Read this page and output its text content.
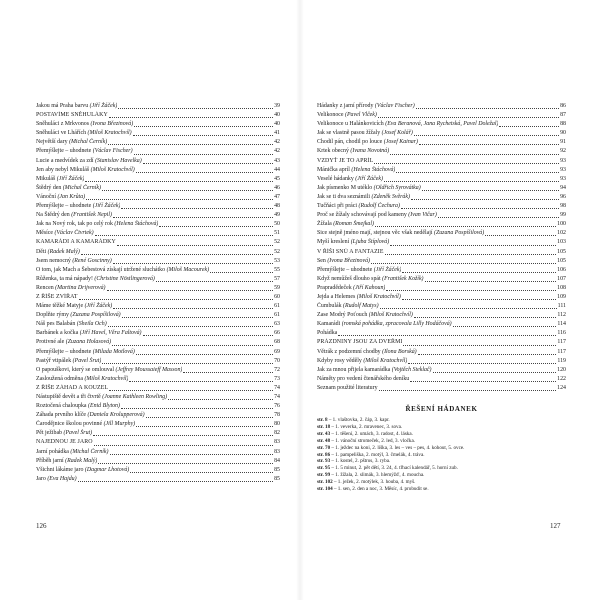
Jakou má Praha barvu (Jiří Žáček)	39
POSTAVÍME SNĚHULÁKY	40
Sněhuláci z Mrkvonos (Ivona Březinová)	40
Sněhuláci ve Lhářích (Miloš Kratochvíl)	41
Největší dary (Michal Černík)	42
Přemýšlejte – uhodnete (Václav Fischer)	42
Lucie a medvídek za zdí (Stanislav Havelka)	43
Jen aby nebyl Mikuláš (Miloš Kratochvíl)	44
Mikuláš (Jiří Žáček)	45
Štědrý den (Michal Černík)	46
Vánoční (Jan Krůta)	47
Přemýšlejte – uhodnete (Jiří Žáček)	48
Na Štědrý den (František Nepil)	49
Jak na Nový rok, tak po celý rok (Helena Štáchová)	50
Měsíce (Václav Čtvrtek)	51
KAMARÁDI A KAMARÁDKY	52
Děti (Radek Malý)	52
Jsem nemocný (René Goscinny)	53
O tom, jak Mach a Šebestová získají utržené sluchátko (Miloš Macourek)	55
Růženka, ta má nápady! (Christine Nöstlingerová)	57
Rencen (Martina Drijverová)	59
Z ŘÍŠE ZVÍŘAT	60
Máme těžké Matyje (Jiří Žáček)	61
Doplňte rýmy (Zuzana Pospíšilová)	61
Náš pes Balabán (Sheila Och)	63
Barbánek a kočka (Jiří Havel, Věra Faltová)	66
Protivné ale (Zuzana Holasová)	68
Přemýšlejte – uhodnete (Milada Motlová)	69
Pastýř vtipálek (Pavel Šrut)	70
O papouškovi, který se omlouval (Jeffrey Moussaieff Masson)	72
Zasloužená odměna (Miloš Kratochvíl)	73
Z ŘÍŠE ZÁHAD A KOUZEL	74
Nástupiště devět a tři čtvrtě (Joanne Kathleen Rowling)	74
Roztočená chaloupka (Enid Blyton)	76
Záhada prvního klíče (Daniela Krolupperová)	78
Čarodějnice školou povinné (Jill Murphy)	80
Pět ježibab (Pavel Šrut)	82
NAJEDNOU JE JARO	83
Jarní pohádka (Michal Černík)	83
Příběh jarní (Radek Malý)	84
Všichni lákáme jaro (Dagmar Lhotová)	85
Jaro (Eva Hajdu)	85
Hádanky z jarní přírody (Václav Fischer)	86
Velikonoce (Pavel Vlček)	87
Velikonoce u Halánkovicích (Eva Beranová, Jana Rychetská, Pavel Doležal)	88
Jak se vlastně pasou žížaly (Josef Kolář)	90
Chodil pán, chodil po louce (Josef Kainar)	91
Krtek obecný (Ivana Novotná)	92
VZDYŤ JE TO APRÍL	93
Mánička apríl (Helena Štáchová)	93
Veselé hádanky (Jiří Žáček)	93
Jak písmenko M utéklo (Oldřich Syrovátka)	94
Jak se ti dva seznámili (Zdeněk Svěrák)	96
Tučňáci při práci (Rudolf Čechura)	98
Proč se žížaly schovávají pod kameny (Ivan Vičar)	99
Žížala (Roman Šmejkal)	100
Sice stejně jméno mají, stejnou věc však nedělají (Zuzana Pospíšilová)	102
Myší kreslení (Ljuba Štíplová)	103
V ŘÍŠI SNŮ A FANTAZIE	105
Sen (Ivona Březinová)	105
Přemýšlejte – uhodnete (Jiří Žáček)	106
Když nemůžeš dlouho spát (František Kožík)	107
Prapradědeček (Jiří Kahoun)	108
Jejda a Helemes (Miloš Kratochvíl)	109
Čumbulák (Rudolf Matys)	111
Zase Modrý Poťouch (Miloš Kratochvíl)	112
Kamarádi (romská pohádka, zpracovala Lilly Hodáčová)	114
Pohádka	116
PRÁZDNINY JSOU ZA DVEŘMI	117
Větrák z podzemní chodby (Ilona Borská)	117
Kdyby rosy věděly (Miloš Kratochvíl)	119
Jak za mnou přijela kamarádka (Vojtěch Steklač)	120
Náměty pro vedení čtenářského deníku	122
Seznam použité literatury	124
ŘEŠENÍ HÁDANEK
str. 8 – 1. vlaštovka, 2. čáp, 3. kapr.
str. 18 – 1. veverka, 2. mravenec, 3. sova.
str. 43 – 1. těšení, 2. umách, 3. radost, 4. láska.
str. 48 – 1. vánoční stromeček, 2. led, 3. vločka.
str. 70 – 1. ježdec na koni, 2. liška, 3. les – ves – pes, 4. kohout, 5. ovce.
str. 86 – 1. pampeliška, 2. motýl, 3. čmelák, 4. tráva.
str. 93 – 1. kostel, 2. pštros, 3. ryba.
str. 95 – 1. 5 minut, 2. pět dětí, 3. 24, 4. třhací kalendář, 5. horní zub.
str. 99 – 1. žížala, 2. slimák, 3. hlemýžď, 4. moucha.
str. 102 – 1. ježek, 2. motýlek, 3. houba, 4. myš.
str. 104 – 1. sen, 2. den a noc, 3. Měsíc, 4. probudit se.
126	127
